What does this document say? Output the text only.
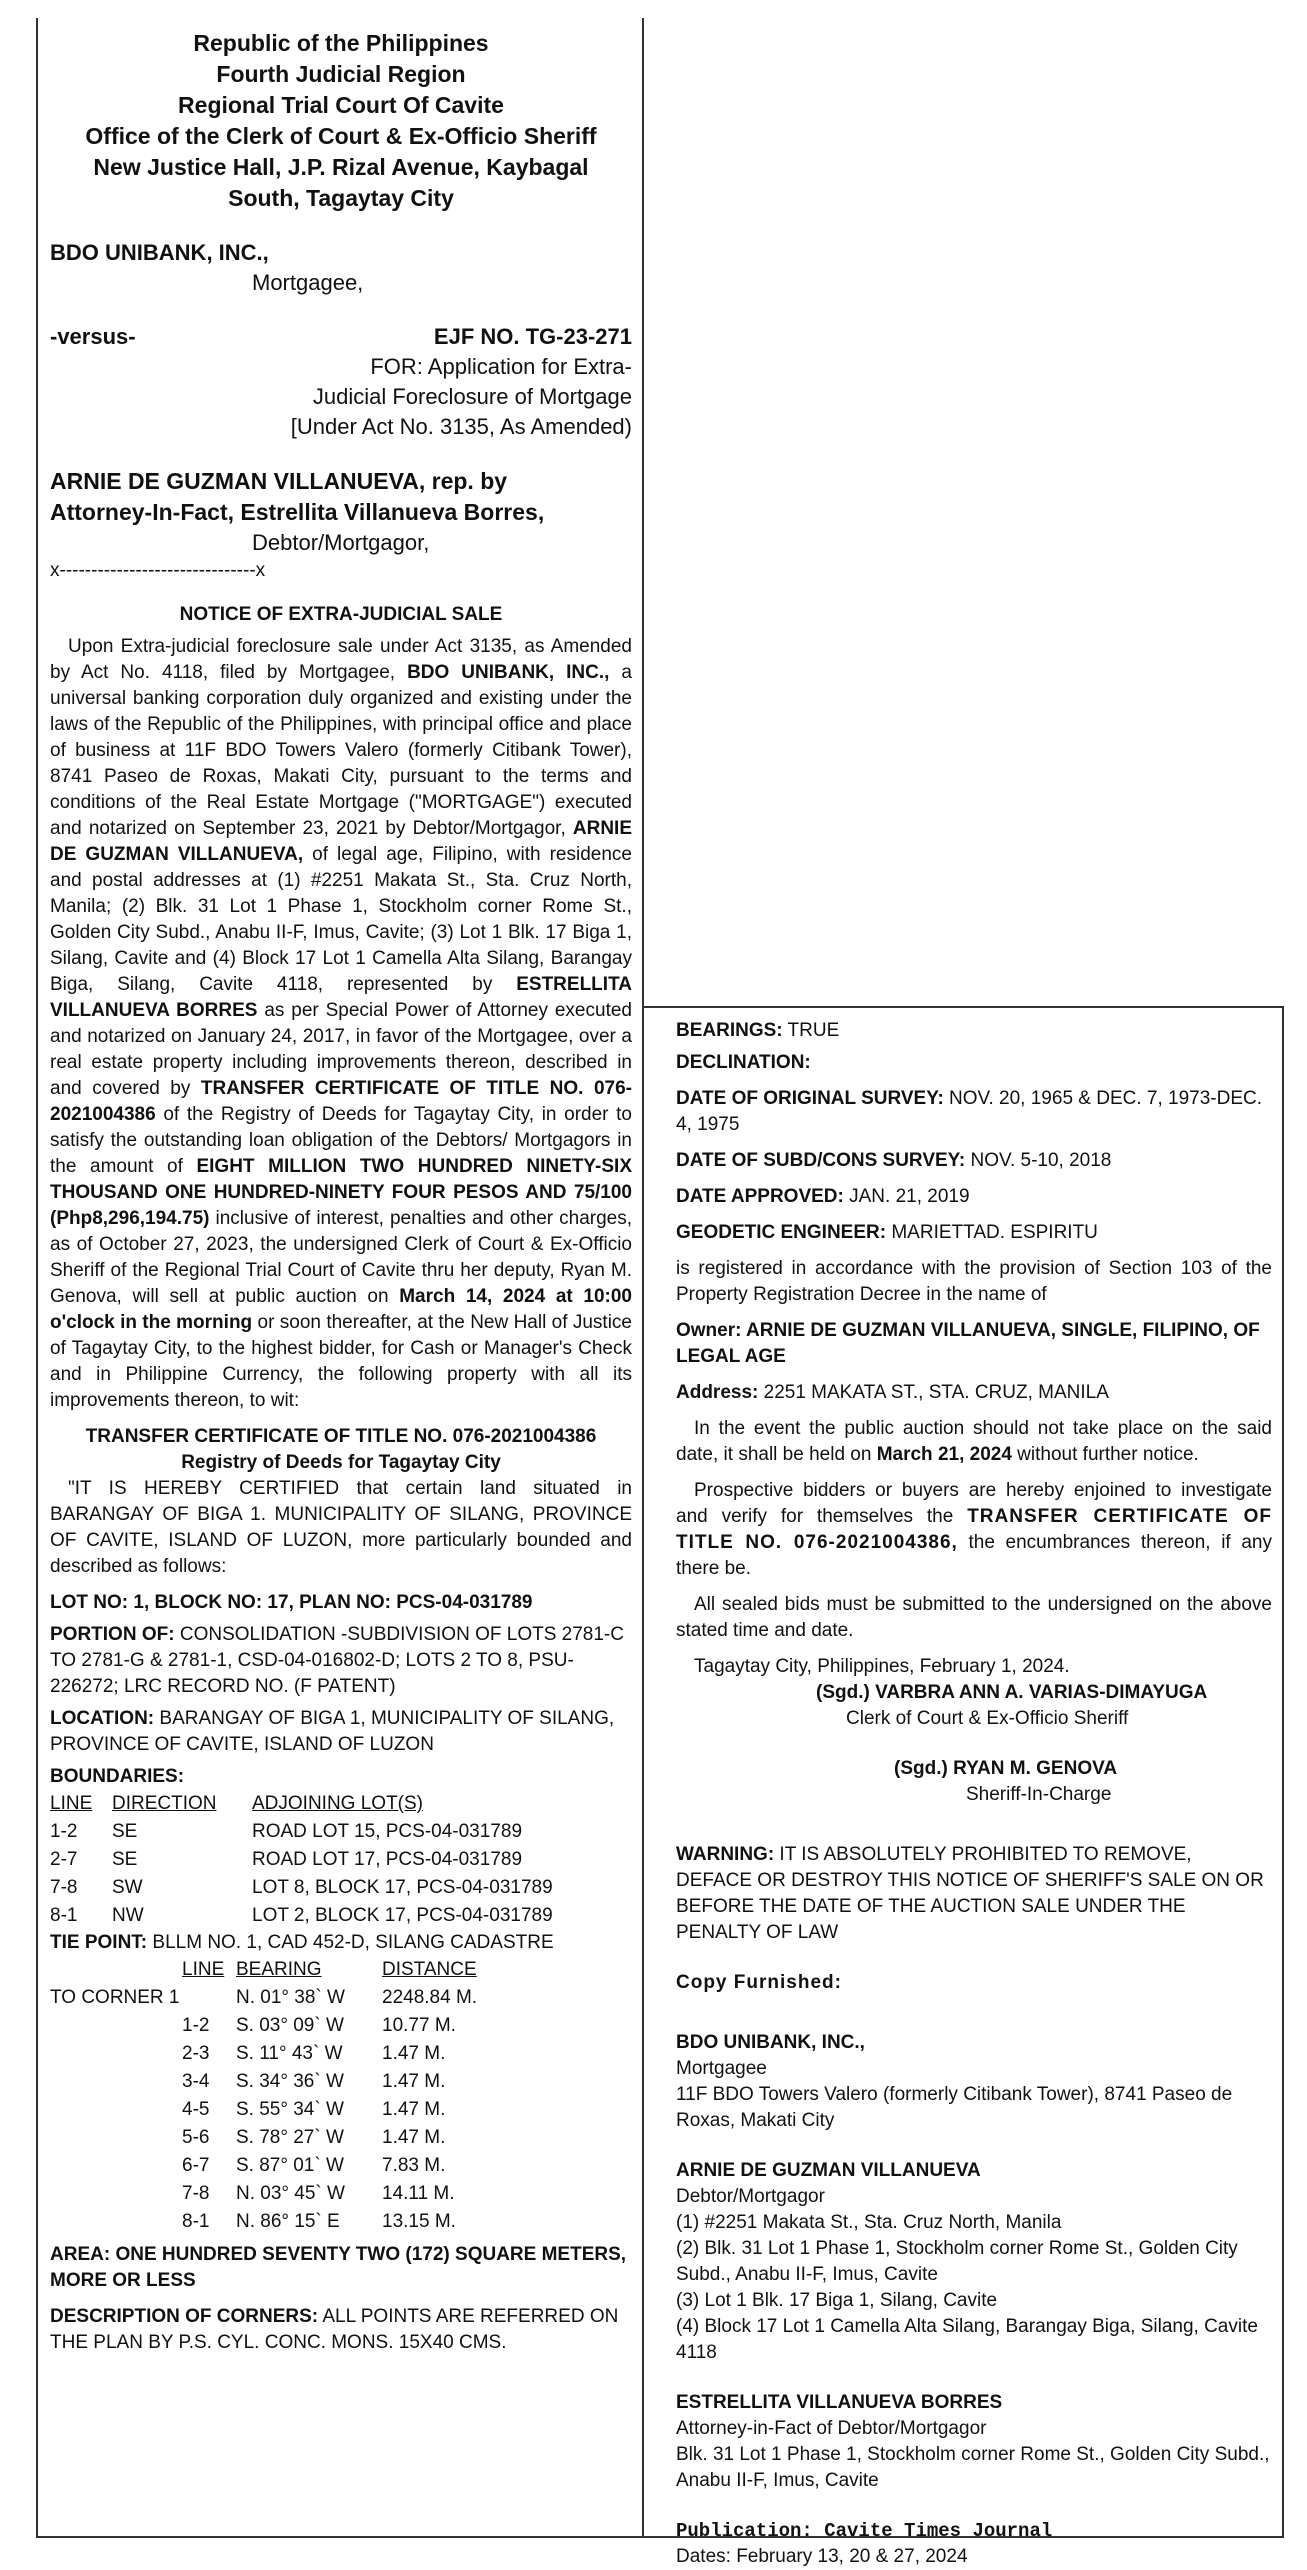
Republic of the Philippines
Fourth Judicial Region
Regional Trial Court Of Cavite
Office of the Clerk of Court & Ex-Officio Sheriff
New Justice Hall, J.P. Rizal Avenue, Kaybagal
South, Tagaytay City
BDO UNIBANK, INC.,
Mortgagee,
-versus-	EJF NO. TG-23-271
FOR: Application for Extra-
Judicial Foreclosure of Mortgage
[Under Act No. 3135, As Amended)
ARNIE DE GUZMAN VILLANUEVA, rep. by
Attorney-In-Fact, Estrellita Villanueva Borres,
Debtor/Mortgagor,
x-------------------------------x
NOTICE OF EXTRA-JUDICIAL SALE

Upon Extra-judicial foreclosure sale under Act 3135, as Amended by Act No. 4118, filed by Mortgagee, BDO UNIBANK, INC., a universal banking corporation duly organized and existing under the laws of the Republic of the Philippines, with principal office and place of business at 11F BDO Towers Valero (formerly Citibank Tower), 8741 Paseo de Roxas, Makati City, pursuant to the terms and conditions of the Real Estate Mortgage ("MORTGAGE") executed and notarized on September 23, 2021 by Debtor/Mortgagor, ARNIE DE GUZMAN VILLANUEVA, of legal age, Filipino, with residence and postal addresses at (1) #2251 Makata St., Sta. Cruz North, Manila; (2) Blk. 31 Lot 1 Phase 1, Stockholm corner Rome St., Golden City Subd., Anabu II-F, Imus, Cavite; (3) Lot 1 Blk. 17 Biga 1, Silang, Cavite and (4) Block 17 Lot 1 Camella Alta Silang, Barangay Biga, Silang, Cavite 4118, represented by ESTRELLITA VILLANUEVA BORRES as per Special Power of Attorney executed and notarized on January 24, 2017, in favor of the Mortgagee, over a real estate property including improvements thereon, described in and covered by TRANSFER CERTIFICATE OF TITLE NO. 076-2021004386 of the Registry of Deeds for Tagaytay City, in order to satisfy the outstanding loan obligation of the Debtors/ Mortgagors in the amount of EIGHT MILLION TWO HUNDRED NINETY-SIX THOUSAND ONE HUNDRED-NINETY FOUR PESOS AND 75/100 (Php8,296,194.75) inclusive of interest, penalties and other charges, as of October 27, 2023, the undersigned Clerk of Court & Ex-Officio Sheriff of the Regional Trial Court of Cavite thru her deputy, Ryan M. Genova, will sell at public auction on March 14, 2024 at 10:00 o'clock in the morning or soon thereafter, at the New Hall of Justice of Tagaytay City, to the highest bidder, for Cash or Manager's Check and in Philippine Currency, the following property with all its improvements thereon, to wit:

TRANSFER CERTIFICATE OF TITLE NO. 076-2021004386
Registry of Deeds for Tagaytay City

"IT IS HEREBY CERTIFIED that certain land situated in BARANGAY OF BIGA 1. MUNICIPALITY OF SILANG, PROVINCE OF CAVITE, ISLAND OF LUZON, more particularly bounded and described as follows:

LOT NO: 1, BLOCK NO: 17, PLAN NO: PCS-04-031789

PORTION OF: CONSOLIDATION -SUBDIVISION OF LOTS 2781-C TO 2781-G & 2781-1, CSD-04-016802-D; LOTS 2 TO 8, PSU-226272; LRC RECORD NO. (F PATENT)

LOCATION: BARANGAY OF BIGA 1, MUNICIPALITY OF SILANG, PROVINCE OF CAVITE, ISLAND OF LUZON

BOUNDARIES:
LINE	DIRECTION	ADJOINING LOT(S)
1-2	SE	ROAD LOT 15, PCS-04-031789
2-7	SE	ROAD LOT 17, PCS-04-031789
7-8	SW	LOT 8, BLOCK 17, PCS-04-031789
8-1	NW	LOT 2, BLOCK 17, PCS-04-031789

TIE POINT: BLLM NO. 1, CAD 452-D, SILANG CADASTRE

	LINE	BEARING	DISTANCE
TO CORNER 1		N. 01° 38` W	2248.84 M.
	1-2	S. 03° 09` W	10.77 M.
	2-3	S. 11° 43` W	1.47 M.
	3-4	S. 34° 36` W	1.47 M.
	4-5	S. 55° 34` W	1.47 M.
	5-6	S. 78° 27` W	1.47 M.
	6-7	S. 87° 01` W	7.83 M.
	7-8	N. 03° 45` W	14.11 M.
	8-1	N. 86° 15` E	13.15 M.

AREA: ONE HUNDRED SEVENTY TWO (172) SQUARE METERS, MORE OR LESS

DESCRIPTION OF CORNERS: ALL POINTS ARE REFERRED ON THE PLAN BY P.S. CYL. CONC. MONS. 15X40 CMS.

BEARINGS: TRUE

DECLINATION:

DATE OF ORIGINAL SURVEY: NOV. 20, 1965 & DEC. 7, 1973-DEC. 4, 1975

DATE OF SUBD/CONS SURVEY: NOV. 5-10, 2018

DATE APPROVED: JAN. 21, 2019

GEODETIC ENGINEER: MARIETTAD. ESPIRITU

is registered in accordance with the provision of Section 103 of the Property Registration Decree in the name of

Owner: ARNIE DE GUZMAN VILLANUEVA, SINGLE, FILIPINO, OF LEGAL AGE

Address: 2251 MAKATA ST., STA. CRUZ, MANILA

In the event the public auction should not take place on the said date, it shall be held on March 21, 2024 without further notice.

Prospective bidders or buyers are hereby enjoined to investigate and verify for themselves the TRANSFER CERTIFICATE OF TITLE NO. 076-2021004386, the encumbrances thereon, if any there be.

All sealed bids must be submitted to the undersigned on the above stated time and date.

Tagaytay City, Philippines, February 1, 2024.

(Sgd.) VARBRA ANN A. VARIAS-DIMAYUGA
Clerk of Court & Ex-Officio Sheriff
(Sgd.) RYAN M. GENOVA
Sheriff-In-Charge

WARNING: IT IS ABSOLUTELY PROHIBITED TO REMOVE, DEFACE OR DESTROY THIS NOTICE OF SHERIFF'S SALE ON OR BEFORE THE DATE OF THE AUCTION SALE UNDER THE PENALTY OF LAW

Copy Furnished:
BDO UNIBANK, INC.,
Mortgagee
11F BDO Towers Valero (formerly Citibank Tower), 8741 Paseo de Roxas, Makati City
ARNIE DE GUZMAN VILLANUEVA
Debtor/Mortgagor
(1) #2251 Makata St., Sta. Cruz North, Manila
(2) Blk. 31 Lot 1 Phase 1, Stockholm corner Rome St., Golden City Subd., Anabu II-F, Imus, Cavite
(3) Lot 1 Blk. 17 Biga 1, Silang, Cavite
(4) Block 17 Lot 1 Camella Alta Silang, Barangay Biga, Silang, Cavite 4118
ESTRELLITA VILLANUEVA BORRES
Attorney-in-Fact of Debtor/Mortgagor
Blk. 31 Lot 1 Phase 1, Stockholm corner Rome St., Golden City Subd., Anabu II-F, Imus, Cavite
Publication: Cavite Times Journal
Dates: February 13, 20 & 27, 2024
